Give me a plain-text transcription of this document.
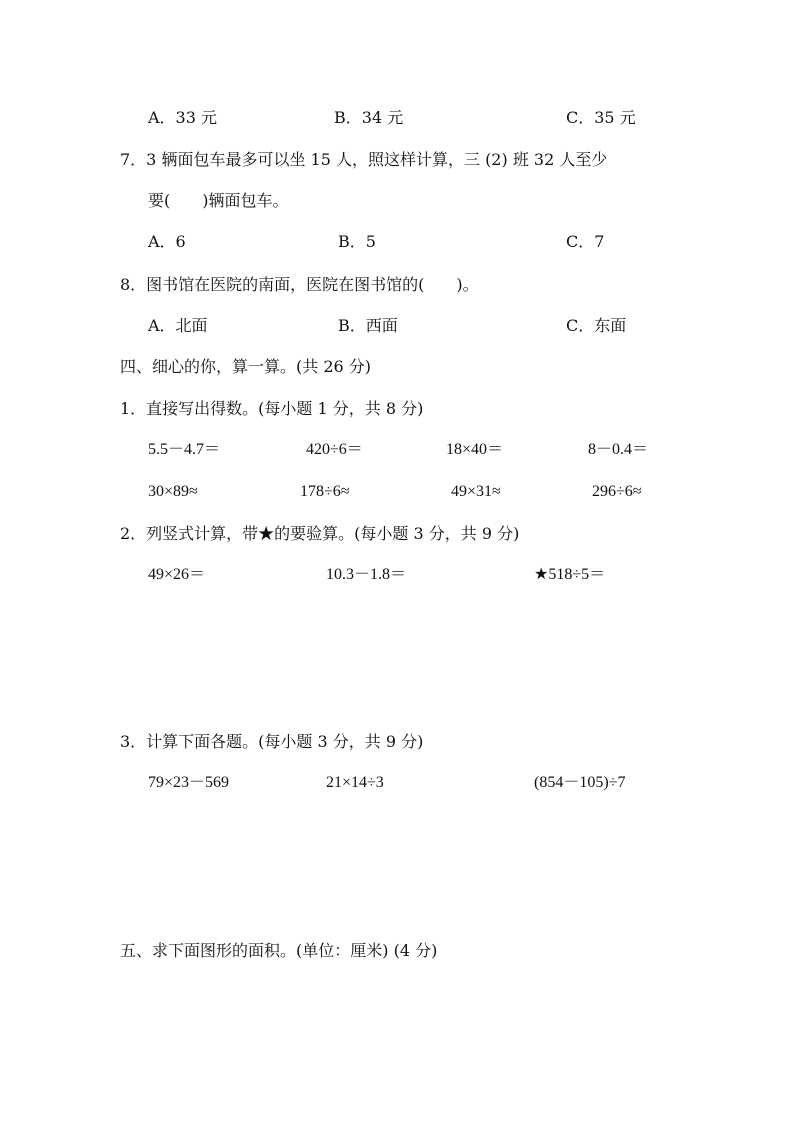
A．33 元	B．34 元	C．35 元
7．3 辆面包车最多可以坐 15 人，照这样计算，三 (2) 班 32 人至少
要(　　)辆面包车。
A．6	B．5	C．7
8．图书馆在医院的南面，医院在图书馆的(　　)。
A．北面	B．西面	C．东面
四、细心的你，算一算。(共 26 分)
1．直接写出得数。(每小题 1 分，共 8 分)
5.5－4.7＝	420÷6＝	18×40＝	8－0.4＝
30×89≈	178÷6≈	49×31≈	296÷6≈
2．列竖式计算，带★的要验算。(每小题 3 分，共 9 分)
49×26＝	10.3－1.8＝	★518÷5＝
3．计算下面各题。(每小题 3 分，共 9 分)
79×23－569	21×14÷3	(854－105)÷7
五、求下面图形的面积。(单位：厘米) (4 分)
